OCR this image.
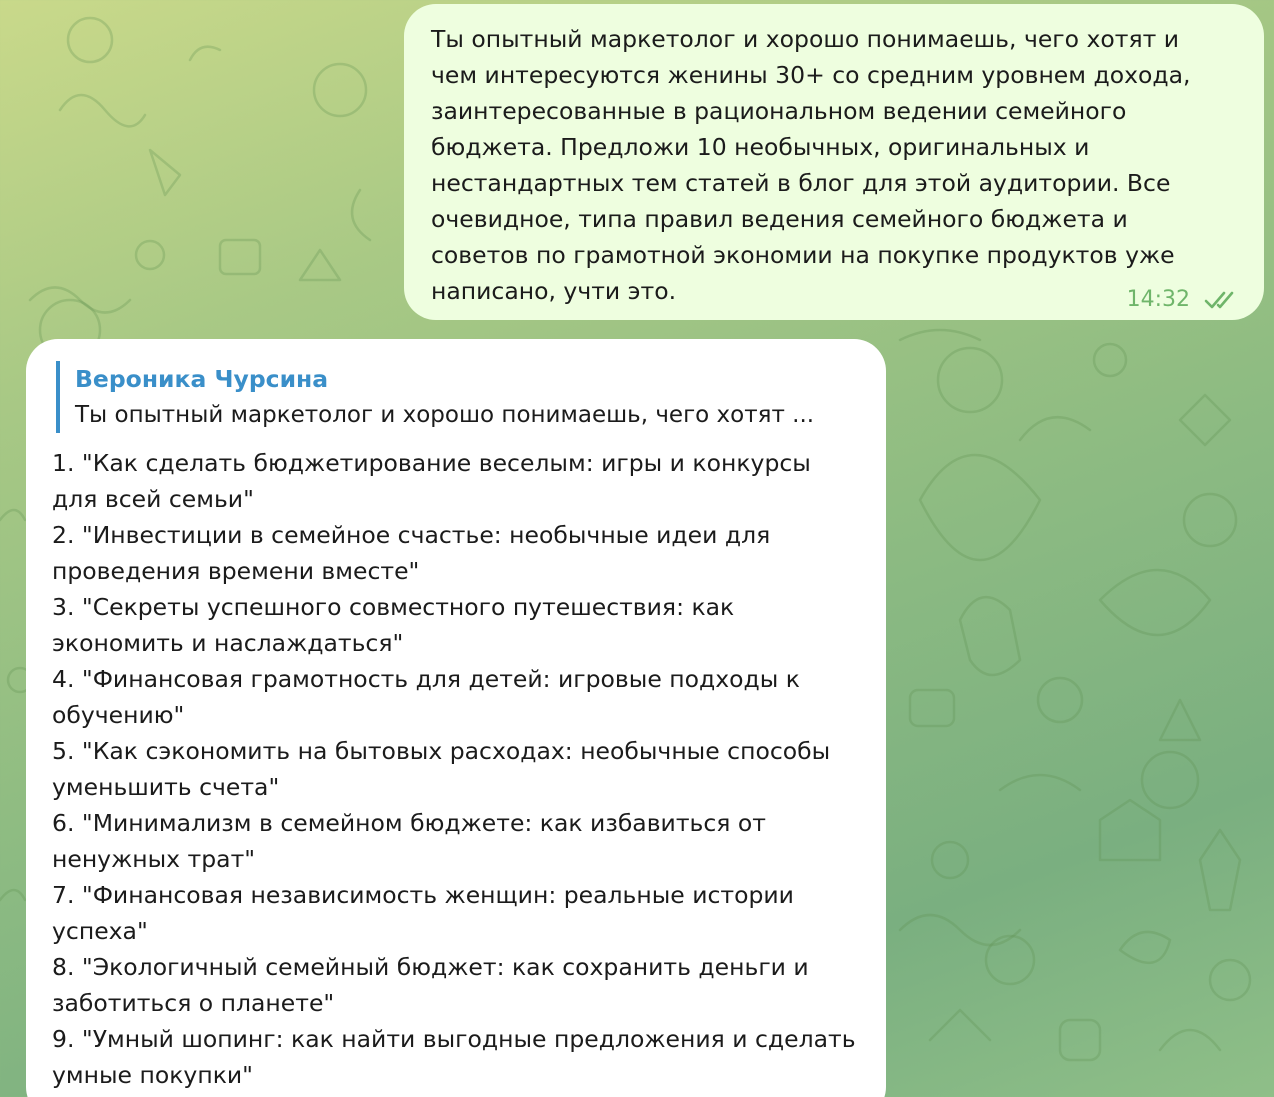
Ты опытный маркетолог и хорошо понимаешь, чего хотят и чем интересуются женины 30+ со средним уровнем дохода, заинтересованные в рациональном ведении семейного бюджета. Предложи 10 необычных, оригинальных и нестандартных тем статей в блог для этой аудитории. Все очевидное, типа правил ведения семейного бюджета и советов по грамотной экономии на покупке продуктов уже написано, учти это.	14:32
Вероника Чурсина
Ты опытный маркетолог и хорошо понимаешь, чего хотят ...
1. "Как сделать бюджетирование веселым: игры и конкурсы для всей семьи"
2. "Инвестиции в семейное счастье: необычные идеи для проведения времени вместе"
3. "Секреты успешного совместного путешествия: как экономить и наслаждаться"
4. "Финансовая грамотность для детей: игровые подходы к обучению"
5. "Как сэкономить на бытовых расходах: необычные способы уменьшить счета"
6. "Минимализм в семейном бюджете: как избавиться от ненужных трат"
7. "Финансовая независимость женщин: реальные истории успеха"
8. "Экологичный семейный бюджет: как сохранить деньги и заботиться о планете"
9. "Умный шопинг: как найти выгодные предложения и сделать умные покупки"
